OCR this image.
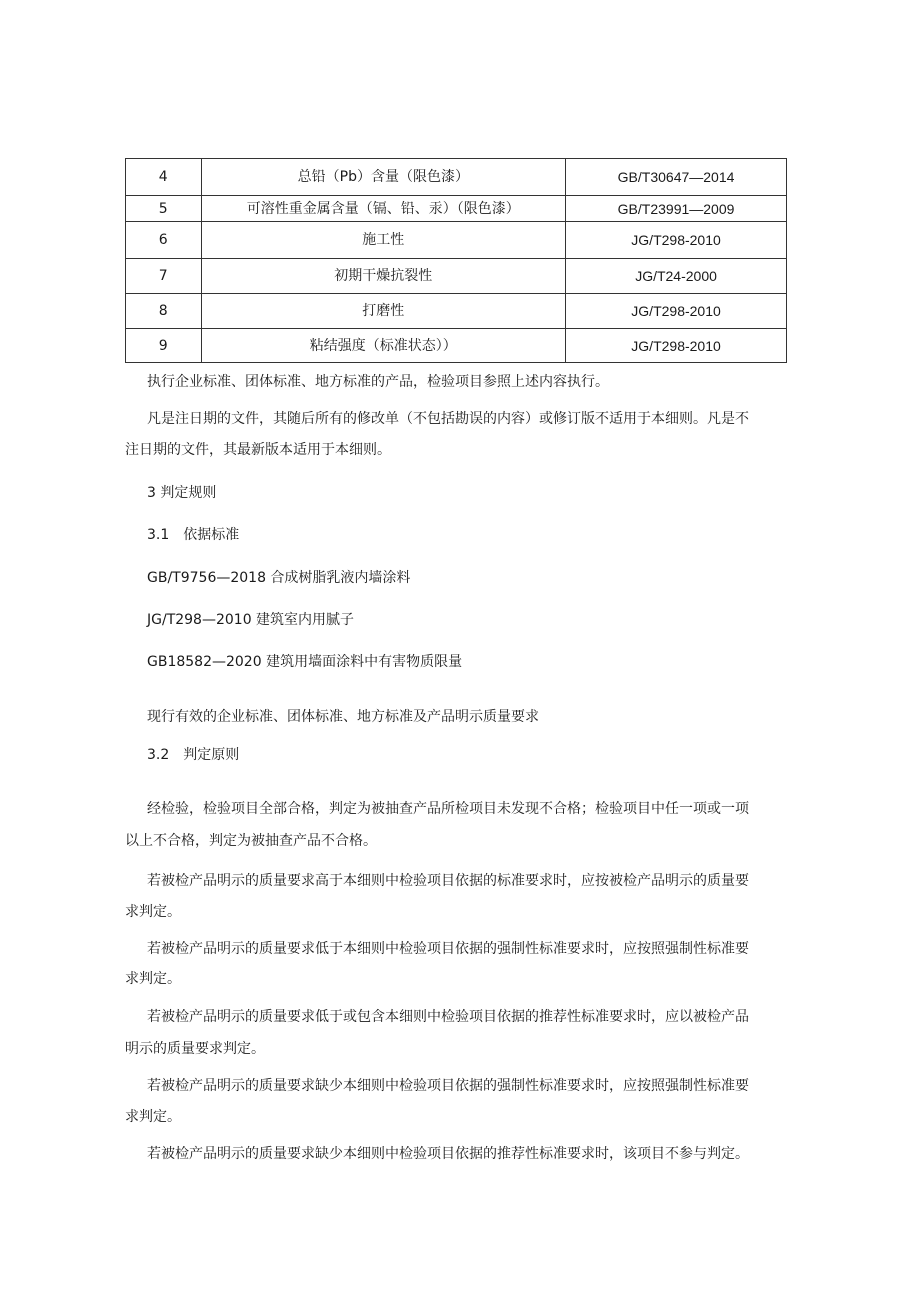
4	总铅（Pb）含量（限色漆）	GB/T30647—2014
5	可溶性重金属含量（镉、铅、汞）（限色漆）	GB/T23991—2009
6	施工性	JG/T298-2010
7	初期干燥抗裂性	JG/T24-2000
8	打磨性	JG/T298-2010
9	粘结强度（标准状态））	JG/T298-2010
执行企业标准、团体标准、地方标准的产品，检验项目参照上述内容执行。
凡是注日期的文件，其随后所有的修改单（不包括勘误的内容）或修订版不适用于本细则。凡是不
注日期的文件，其最新版本适用于本细则。
3 判定规则
3.1　依据标准
GB/T9756—2018 合成树脂乳液内墙涂料
JG/T298—2010 建筑室内用腻子
GB18582—2020 建筑用墙面涂料中有害物质限量
现行有效的企业标准、团体标准、地方标准及产品明示质量要求
3.2　判定原则
经检验，检验项目全部合格，判定为被抽查产品所检项目未发现不合格；检验项目中任一项或一项
以上不合格，判定为被抽查产品不合格。
若被检产品明示的质量要求高于本细则中检验项目依据的标准要求时，应按被检产品明示的质量要
求判定。
若被检产品明示的质量要求低于本细则中检验项目依据的强制性标准要求时，应按照强制性标准要
求判定。
若被检产品明示的质量要求低于或包含本细则中检验项目依据的推荐性标准要求时，应以被检产品
明示的质量要求判定。
若被检产品明示的质量要求缺少本细则中检验项目依据的强制性标准要求时，应按照强制性标准要
求判定。
若被检产品明示的质量要求缺少本细则中检验项目依据的推荐性标准要求时，该项目不参与判定。
